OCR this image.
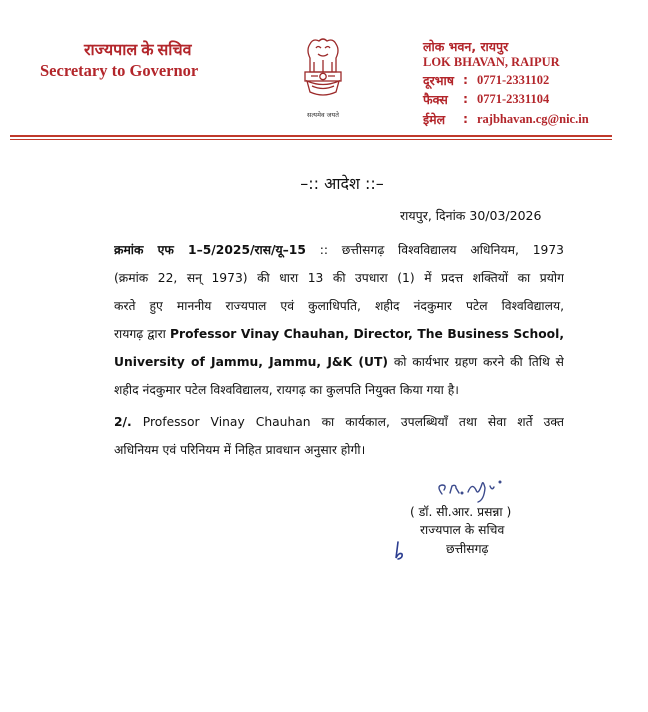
राज्यपाल के सचिव
Secretary to Governor
सत्यमेव जयते
लोक भवन, रायपुर
LOK BHAVAN, RAIPUR
दूरभाष : 0771-2331102
फैक्स : 0771-2331104
ईमेल : rajbhavan.cg@nic.in
–:: आदेश ::–
रायपुर, दिनांक 30/03/2026
क्रमांक एफ 1–5/2025/रास/यू–15 :: छत्तीसगढ़ विश्वविद्यालय अधिनियम, 1973
(क्रमांक 22, सन् 1973) की धारा 13 की उपधारा (1) में प्रदत्त शक्तियों का प्रयोग
करते हुए माननीय राज्यपाल एवं कुलाधिपति, शहीद नंदकुमार पटेल विश्वविद्यालय,
रायगढ़ द्वारा Professor Vinay Chauhan, Director, The Business School,
University of Jammu, Jammu, J&K (UT) को कार्यभार ग्रहण करने की तिथि से
शहीद नंदकुमार पटेल विश्वविद्यालय, रायगढ़ का कुलपति नियुक्त किया गया है।
2/. Professor Vinay Chauhan का कार्यकाल, उपलब्धियाँ तथा सेवा शर्ते उक्त
अधिनियम एवं परिनियम में निहित प्रावधान अनुसार होगी।
( डॉ. सी.आर. प्रसन्ना )
राज्यपाल के सचिव
छत्तीसगढ़
